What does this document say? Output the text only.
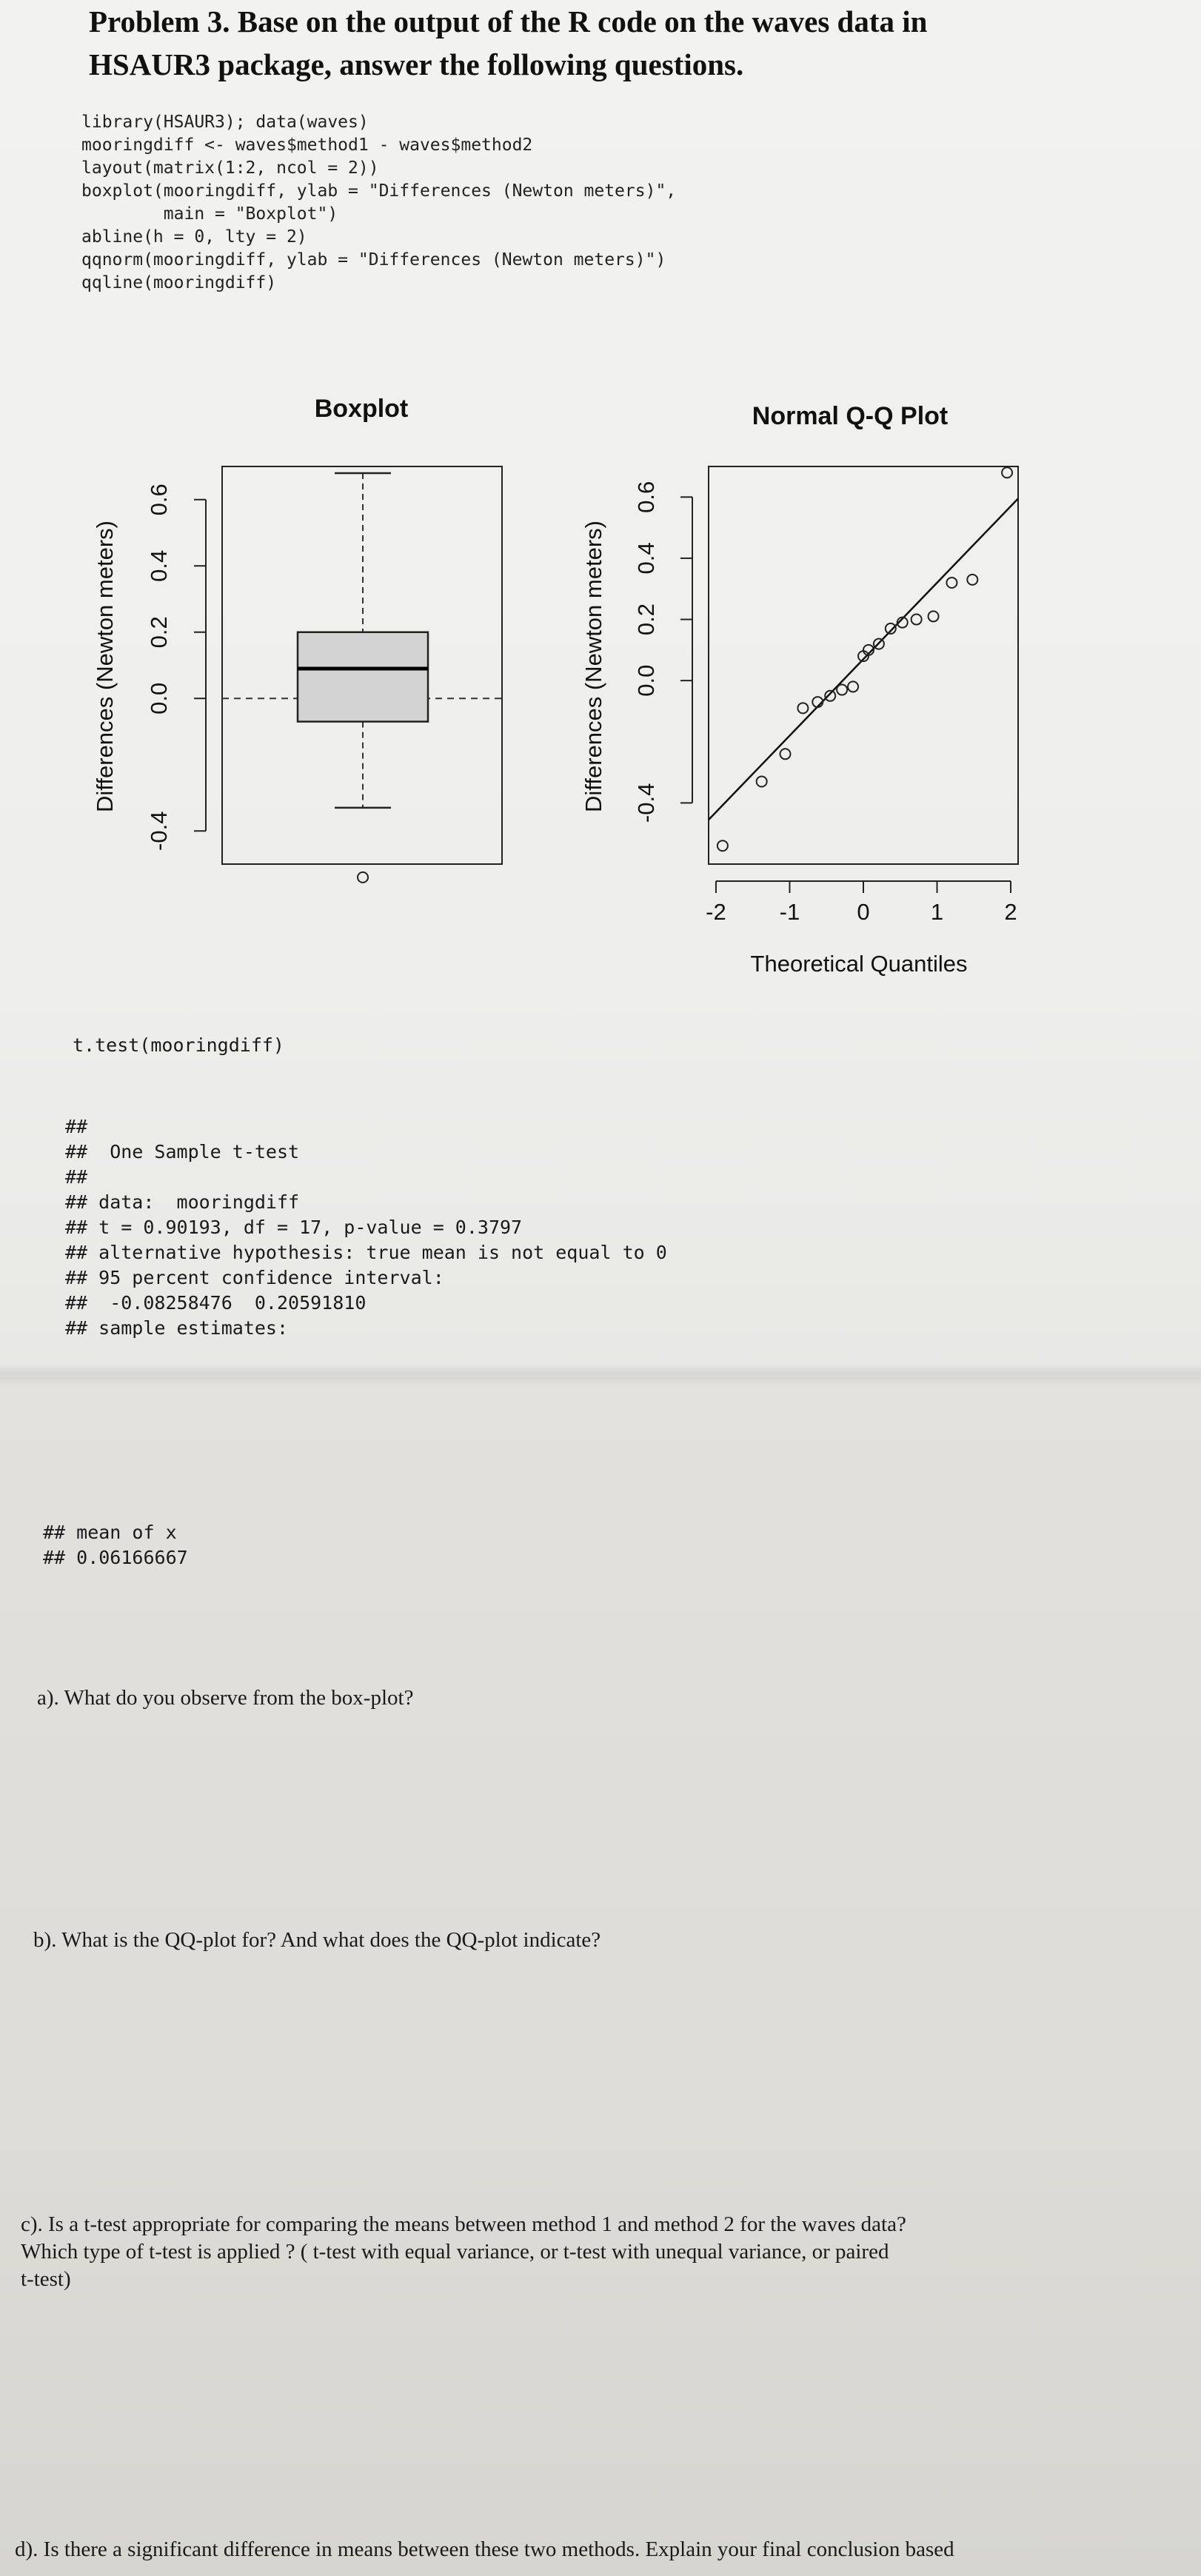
Problem 3. Base on the output of the R code on the waves data in
HSAUR3 package, answer the following questions.
library(HSAUR3); data(waves)
mooringdiff <- waves$method1 - waves$method2
layout(matrix(1:2, ncol = 2))
boxplot(mooringdiff, ylab = "Differences (Newton meters)",
main = "Boxplot")
abline(h = 0, lty = 2)
qqnorm(mooringdiff, ylab = "Differences (Newton meters)")
qqline(mooringdiff)
Boxplot
-0.4
0.0
0.2
0.4
0.6
Differences (Newton meters)
Normal Q-Q Plot
-2 -1 0	1	2
Theoretical Quantiles
-0.4
0.0
0.2
0.4
0.6
Differences (Newton meters)
t.test(mooringdiff)
##
##  One Sample t-test
##
## data:  mooringdiff
## t = 0.90193, df = 17, p-value = 0.3797
## alternative hypothesis: true mean is not equal to 0
## 95 percent confidence interval:
##  -0.08258476  0.20591810
## sample estimates:
## mean of x
## 0.06166667

a). What do you observe from the box-plot?

b). What is the QQ-plot for? And what does the QQ-plot indicate?

c). Is a t-test appropriate for comparing the means between method 1 and method 2 for the waves data?
Which type of t-test is applied ? ( t-test with equal variance, or t-test with unequal variance, or paired
t-test)

d). Is there a significant difference in means between these two methods. Explain your final conclusion based
